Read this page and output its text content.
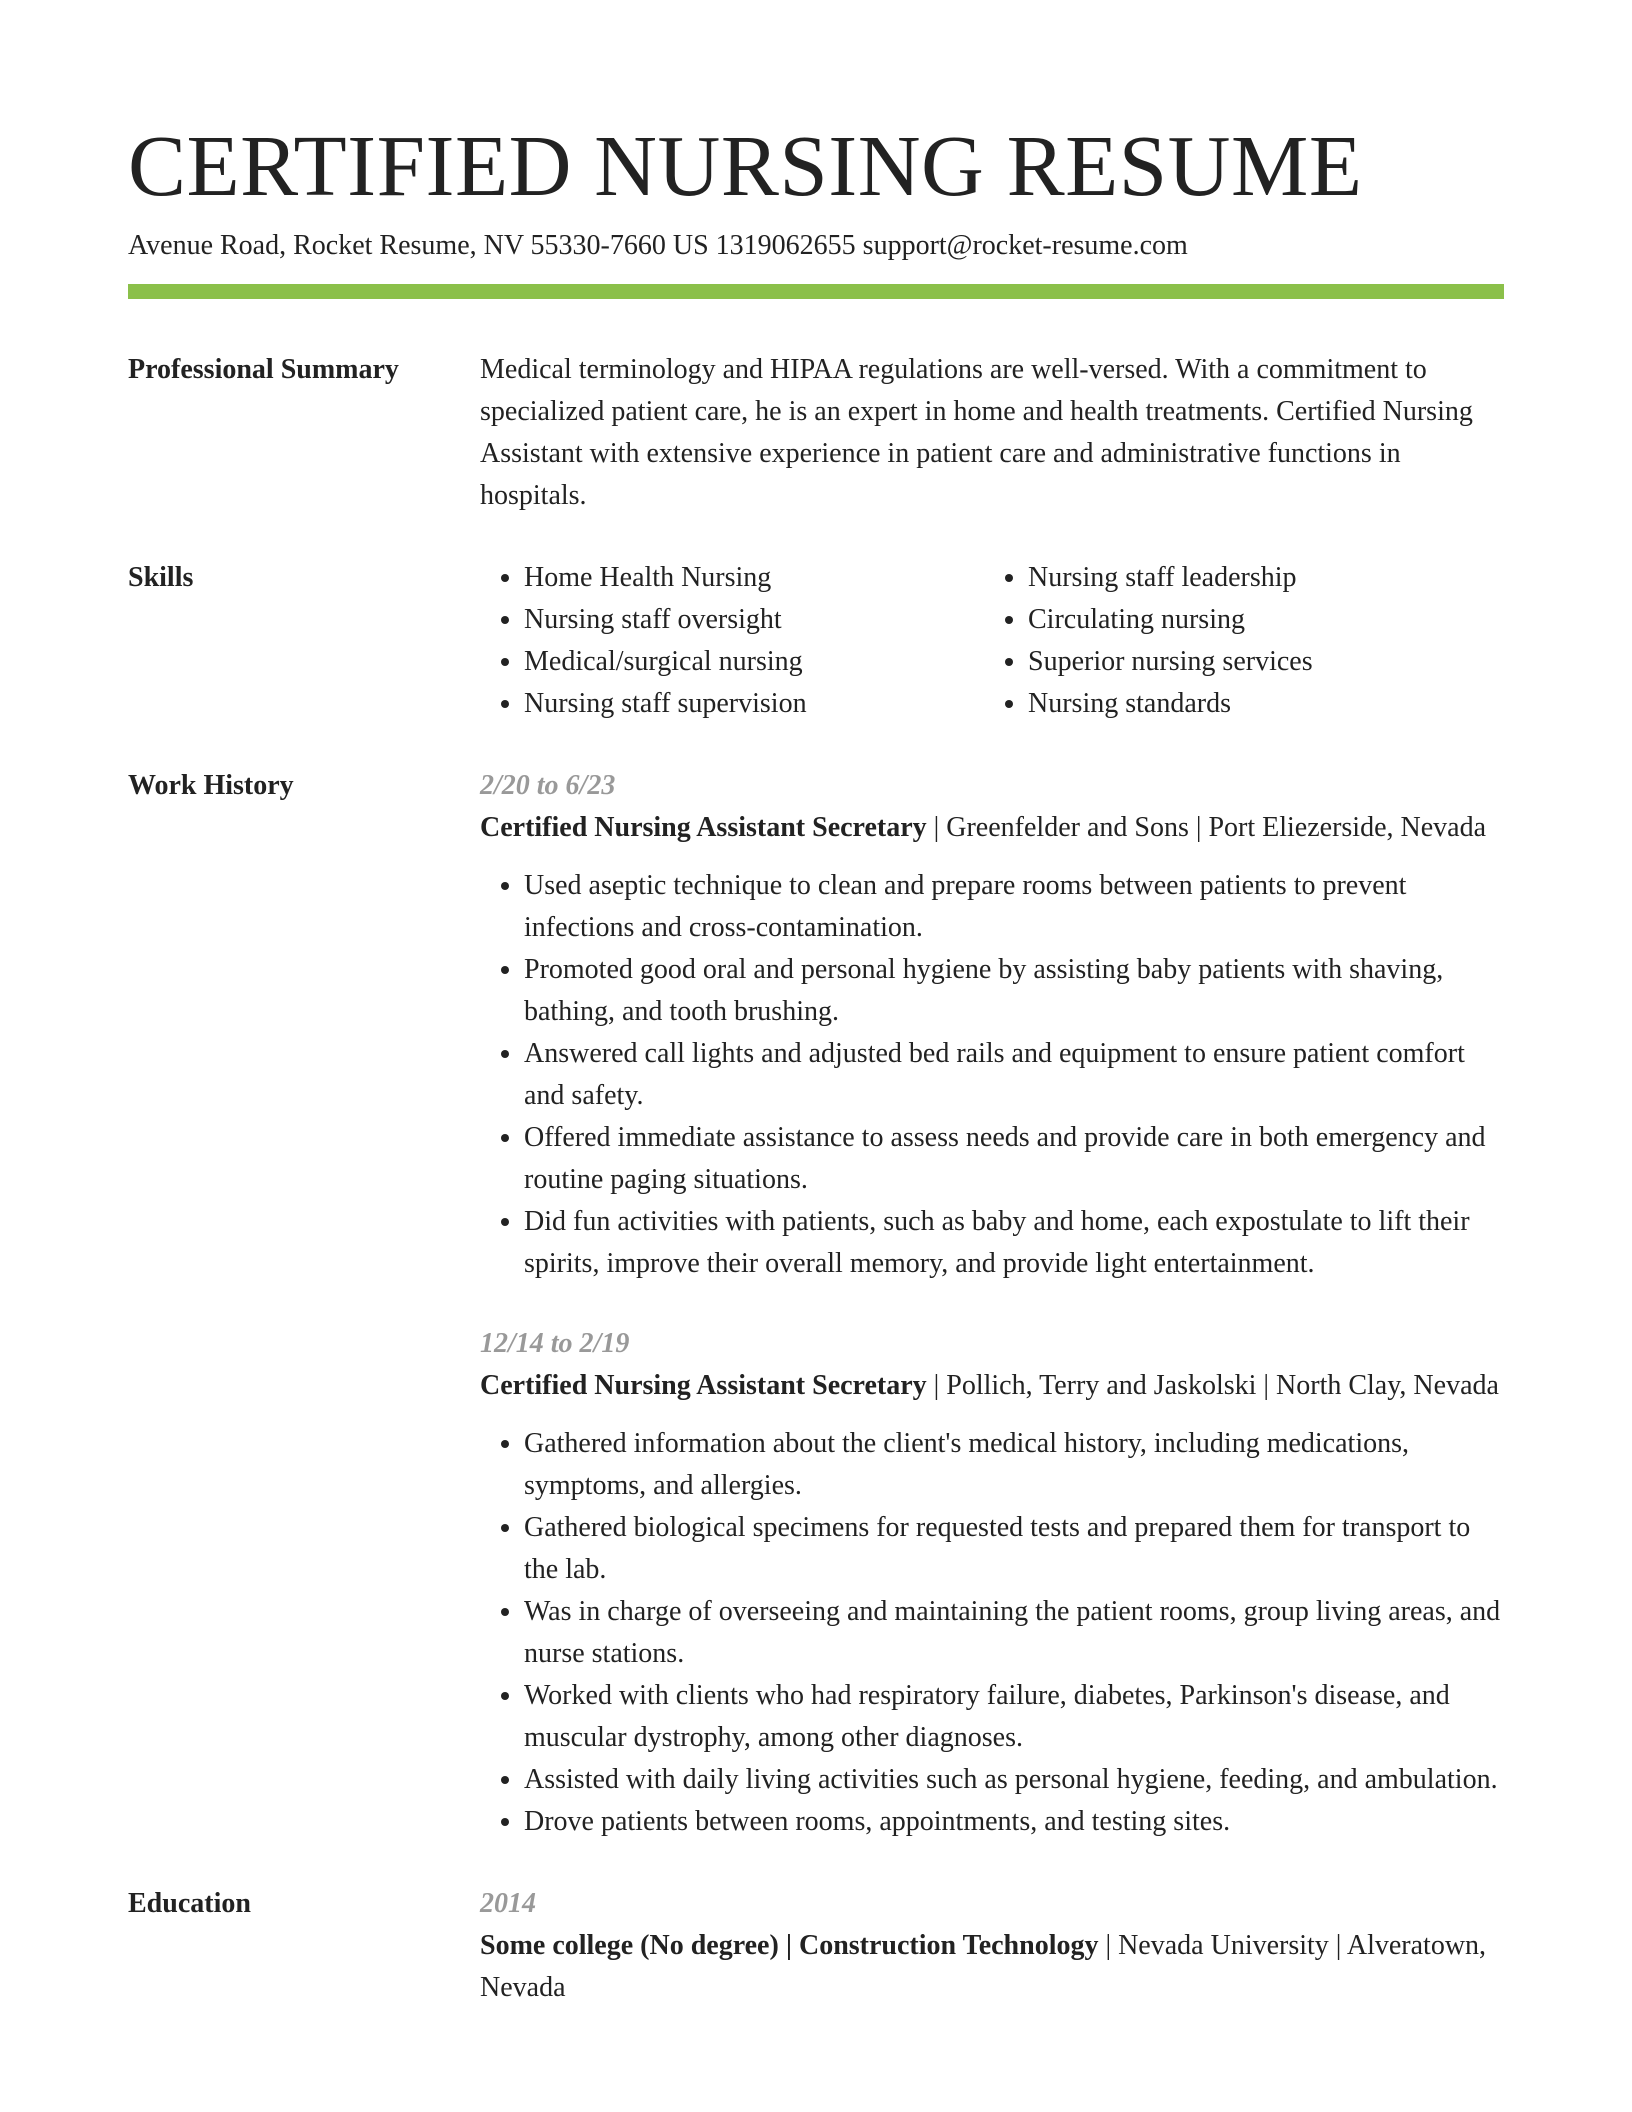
CERTIFIED NURSING RESUME
Avenue Road, Rocket Resume, NV 55330-7660 US 1319062655 support@rocket-resume.com
Professional Summary	Medical terminology and HIPAA regulations are well-versed. With a commitment to specialized patient care, he is an expert in home and health treatments. Certified Nursing Assistant with extensive experience in patient care and administrative functions in hospitals.

Skills
•	Home Health Nursing
• Nursing staff oversight
• Medical/surgical nursing
• Nursing staff supervision
• Nursing staff leadership
• Circulating nursing
• Superior nursing services
• Nursing standards
Work History	2/20 to 6/23
Certified Nursing Assistant Secretary | Greenfelder and Sons | Port Eliezerside, Nevada
• Used aseptic technique to clean and prepare rooms between patients to prevent infections and cross-contamination.
• Promoted good oral and personal hygiene by assisting baby patients with shaving, bathing, and tooth brushing.
• Answered call lights and adjusted bed rails and equipment to ensure patient comfort and safety.
• Offered immediate assistance to assess needs and provide care in both emergency and routine paging situations.
• Did fun activities with patients, such as baby and home, each expostulate to lift their spirits, improve their overall memory, and provide light entertainment.
12/14 to 2/19
Certified Nursing Assistant Secretary | Pollich, Terry and Jaskolski | North Clay, Nevada
• Gathered information about the client's medical history, including medications, symptoms, and allergies.
• Gathered biological specimens for requested tests and prepared them for transport to the lab.
• Was in charge of overseeing and maintaining the patient rooms, group living areas, and nurse stations.
• Worked with clients who had respiratory failure, diabetes, Parkinson's disease, and muscular dystrophy, among other diagnoses.
• Assisted with daily living activities such as personal hygiene, feeding, and ambulation.
• Drove patients between rooms, appointments, and testing sites.
Education	2014
Some college (No degree) | Construction Technology | Nevada University | Alveratown, Nevada
